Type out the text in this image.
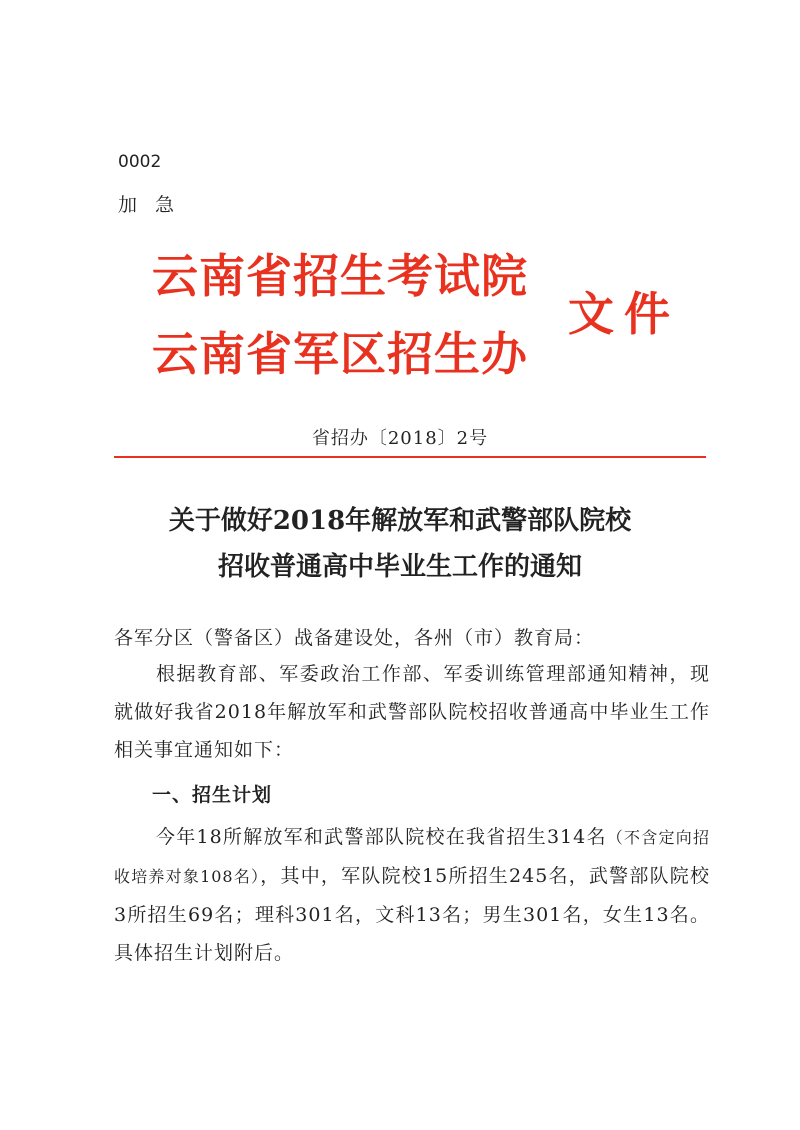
0002
加急
云南省招生考试院
云南省军区招生办
文件
省招办〔2018〕2号
关于做好2018年解放军和武警部队院校
招收普通高中毕业生工作的通知
各军分区（警备区）战备建设处，各州（市）教育局：
根据教育部、军委政治工作部、军委训练管理部通知精神，现就做好我省2018年解放军和武警部队院校招收普通高中毕业生工作相关事宜通知如下：
一、招生计划
今年18所解放军和武警部队院校在我省招生314名（不含定向招收培养对象108名），其中，军队院校15所招生245名，武警部队院校3所招生69名；理科301名，文科13名；男生301名，女生13名。具体招生计划附后。
